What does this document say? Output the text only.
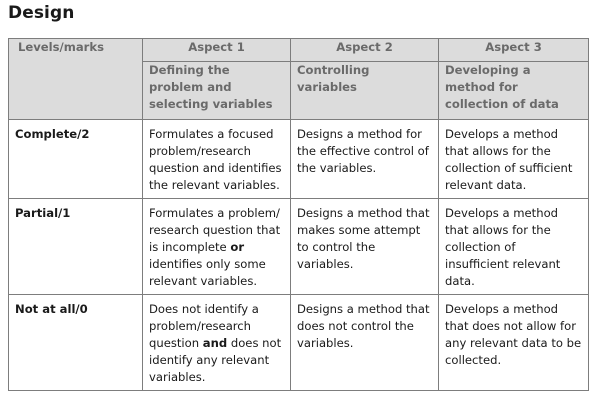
Design
Levels/marks	Aspect 1	Aspect 2	Aspect 3
	Defining the problem and selecting variables	Controlling variables	Developing a method for collection of data
Complete/2	Formulates a focused problem/research question and identifies the relevant variables.	Designs a method for the effective control of the variables.	Develops a method that allows for the collection of sufficient relevant data.
Partial/1	Formulates a problem/ research question that is incomplete or identifies only some relevant variables.	Designs a method that makes some attempt to control the variables.	Develops a method that allows for the collection of insufficient relevant data.
Not at all/0	Does not identify a problem/research question and does not identify any relevant variables.	Designs a method that does not control the variables.	Develops a method that does not allow for any relevant data to be collected.
